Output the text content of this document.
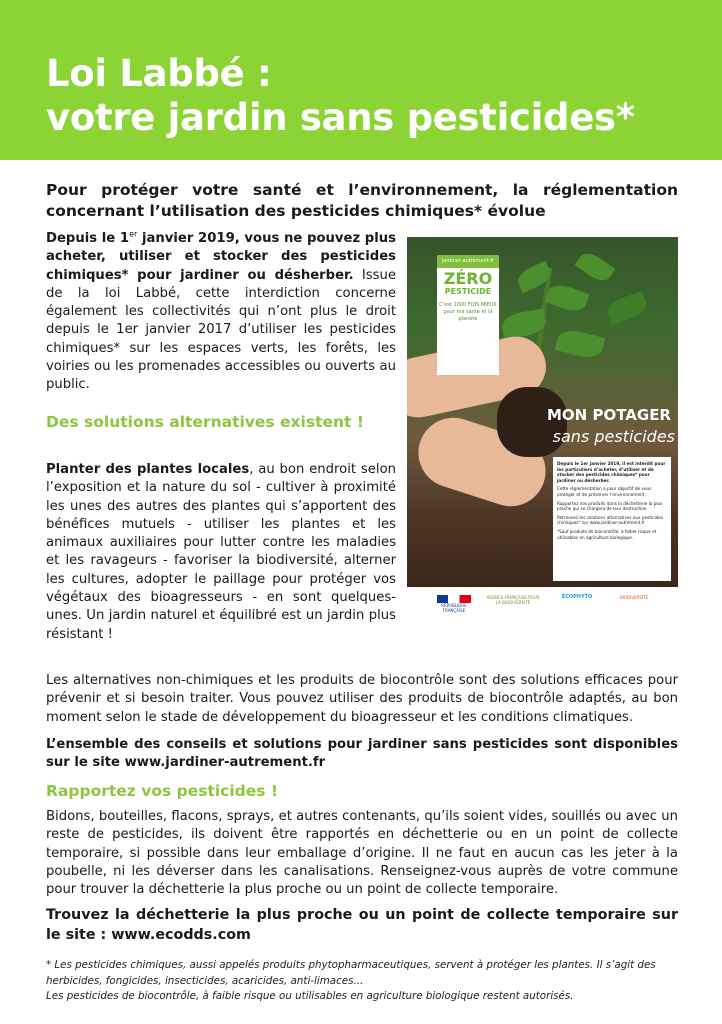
Loi Labbé :
votre jardin sans pesticides*

Pour protéger votre santé et l’environnement, la réglementation concernant l’utilisation des pesticides chimiques* évolue

Depuis le 1er janvier 2019, vous ne pouvez plus acheter, utiliser et stocker des pesticides chimiques* pour jardiner ou désherber. Issue de la loi Labbé, cette interdiction concerne également les collectivités qui n’ont plus le droit depuis le 1er janvier 2017 d’utiliser les pesticides chimiques* sur les espaces verts, les forêts, les voiries ou les promenades accessibles ou ouverts au public.

Des solutions alternatives existent !

Planter des plantes locales, au bon endroit selon l’exposition et la nature du sol - cultiver à proximité les unes des autres des plantes qui s’apportent des bénéfices mutuels - utiliser les plantes et les animaux auxiliaires pour lutter contre les maladies et les ravageurs - favoriser la biodiversité, alterner les cultures, adopter le paillage pour protéger vos végétaux des bioagresseurs - en sont quelques-unes. Un jardin naturel et équilibré est un jardin plus résistant !

Les alternatives non-chimiques et les produits de biocontrôle sont des solutions efficaces pour prévenir et si besoin traiter. Vous pouvez utiliser des produits de biocontrôle adaptés, au bon moment selon le stade de développement du bioagresseur et les conditions climatiques.

L’ensemble des conseils et solutions pour jardiner sans pesticides sont disponibles sur le site www.jardiner-autrement.fr

Rapportez vos pesticides !

Bidons, bouteilles, flacons, sprays, et autres contenants, qu’ils soient vides, souillés ou avec un reste de pesticides, ils doivent être rapportés en déchetterie ou en un point de collecte temporaire, si possible dans leur emballage d’origine. Il ne faut en aucun cas les jeter à la poubelle, ni les déverser dans les canalisations. Renseignez-vous auprès de votre commune pour trouver la déchetterie la plus proche ou un point de collecte temporaire.

Trouvez la déchetterie la plus proche ou un point de collecte temporaire sur le site : www.ecodds.com

* Les pesticides chimiques, aussi appelés produits phytopharmaceutiques, servent à protéger les plantes. Il s’agit des herbicides, fongicides, insecticides, acaricides, anti-limaces...
Les pesticides de biocontrôle, à faible risque ou utilisables en agriculture biologique restent autorisés.
jardiner-autrement.fr
ZÉRO
PESTICIDE
C’est 1000 FOIS MIEUX pour ma santé et la planète
MON POTAGER
sans pesticides

Depuis le 1er janvier 2019, il est interdit pour les particuliers d’acheter, d’utiliser et de stocker des pesticides chimiques* pour jardiner ou désherber.

Cette réglementation a pour objectif de vous protéger et de préserver l’environnement.

Rapportez vos produits dans la déchetterie la plus proche qui se chargera de leur destruction.

Retrouvez les solutions alternatives aux pesticides chimiques* sur www.jardiner-autrement.fr

*Sauf produits de biocontrôle, à faible risque et utilisables en agriculture biologique.

RÉPUBLIQUE FRANÇAISE
AGENCE FRANÇAISE POUR LA BIODIVERSITÉ
ÉCOPHYTO	BIODIVERSITÉ
